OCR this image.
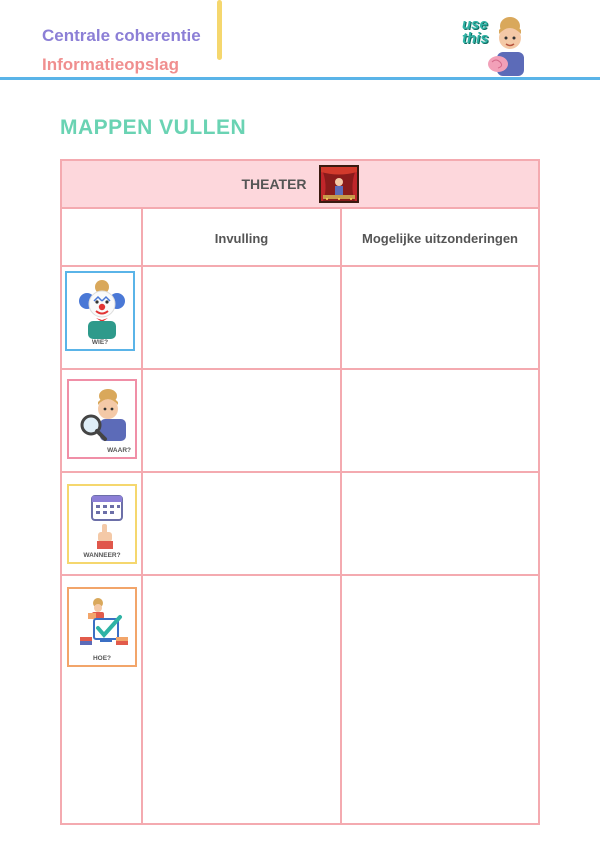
Centrale coherentie
Informatieopslag
use
this
MAPPEN VULLEN
THEATER
Invulling	Mogelijke uitzonderingen
WIE?
WAAR?
WANNEER?
HOE?
